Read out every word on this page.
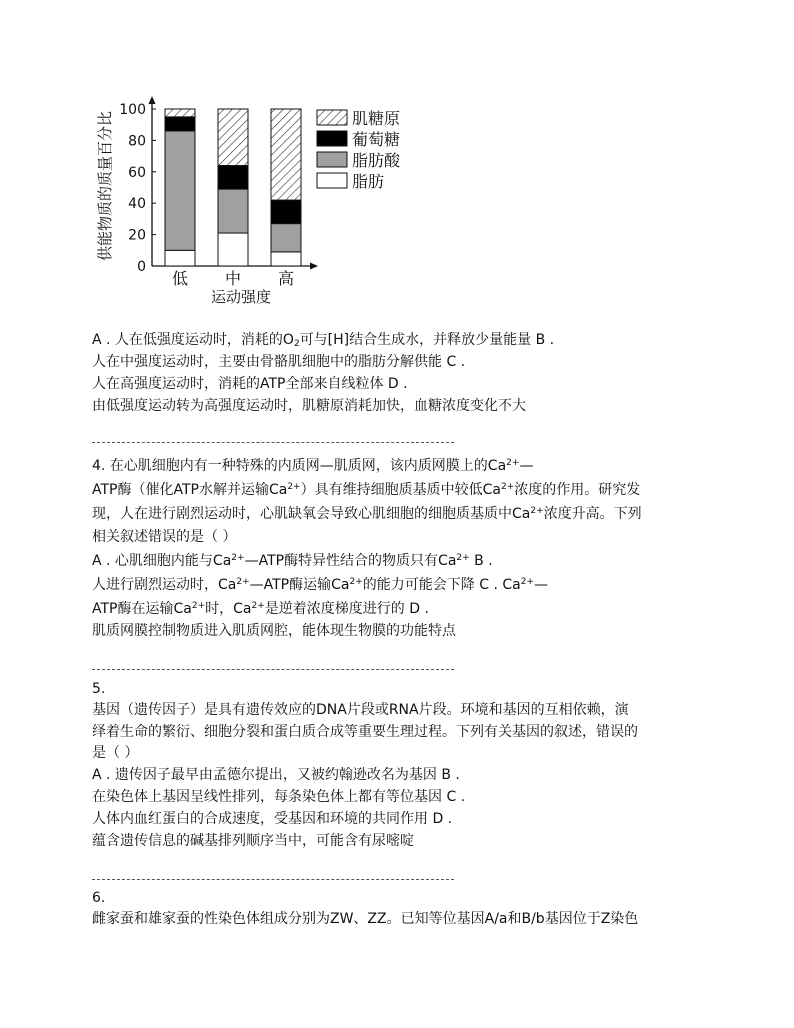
供能物质的质量百分比
0
20
40
60
80
100
低 中 高
运动强度
肌糖原
葡萄糖
脂肪酸
脂肪
A . 人在低强度运动时，消耗的$O_2$可与[H]结合生成水，并释放少量能量 B .
人在中强度运动时，主要由骨骼肌细胞中的脂肪分解供能 C .
人在高强度运动时，消耗的ATP全部来自线粒体 D .
由低强度运动转为高强度运动时，肌糖原消耗加快，血糖浓度变化不大
4. 在心肌细胞内有一种特殊的内质网—肌质网，该内质网膜上的$Ca^{2+}—$
ATP酶（催化ATP水解并运输$Ca^{2+}$）具有维持细胞质基质中较低$Ca^{2+}$浓度的作用。研究发
现，人在进行剧烈运动时，心肌缺氧会导致心肌细胞的细胞质基质中$Ca^{2+}$浓度升高。下列
相关叙述错误的是（ ）
A . 心肌细胞内能与$Ca^{2+}—ATP$酶特异性结合的物质只有$Ca^{2+}$ B .
人进行剧烈运动时，$Ca^{2+}—ATP$酶运输$Ca^{2+}$的能力可能会下降 C . $Ca^{2+}—$
ATP酶在运输$Ca^{2+}$时，$Ca^{2+}$是逆着浓度梯度进行的 D .
肌质网膜控制物质进入肌质网腔，能体现生物膜的功能特点
5.
基因（遗传因子）是具有遗传效应的DNA片段或RNA片段。环境和基因的互相依赖，演
绎着生命的繁衍、细胞分裂和蛋白质合成等重要生理过程。下列有关基因的叙述，错误的
是（ ）
A . 遗传因子最早由孟德尔提出，又被约翰逊改名为基因 B .
在染色体上基因呈线性排列，每条染色体上都有等位基因 C .
人体内血红蛋白的合成速度，受基因和环境的共同作用 D .
蕴含遗传信息的碱基排列顺序当中，可能含有尿嘧啶
6.
雌家蚕和雄家蚕的性染色体组成分别为ZW、ZZ。已知等位基因A/a和B/b基因位于Z染色
